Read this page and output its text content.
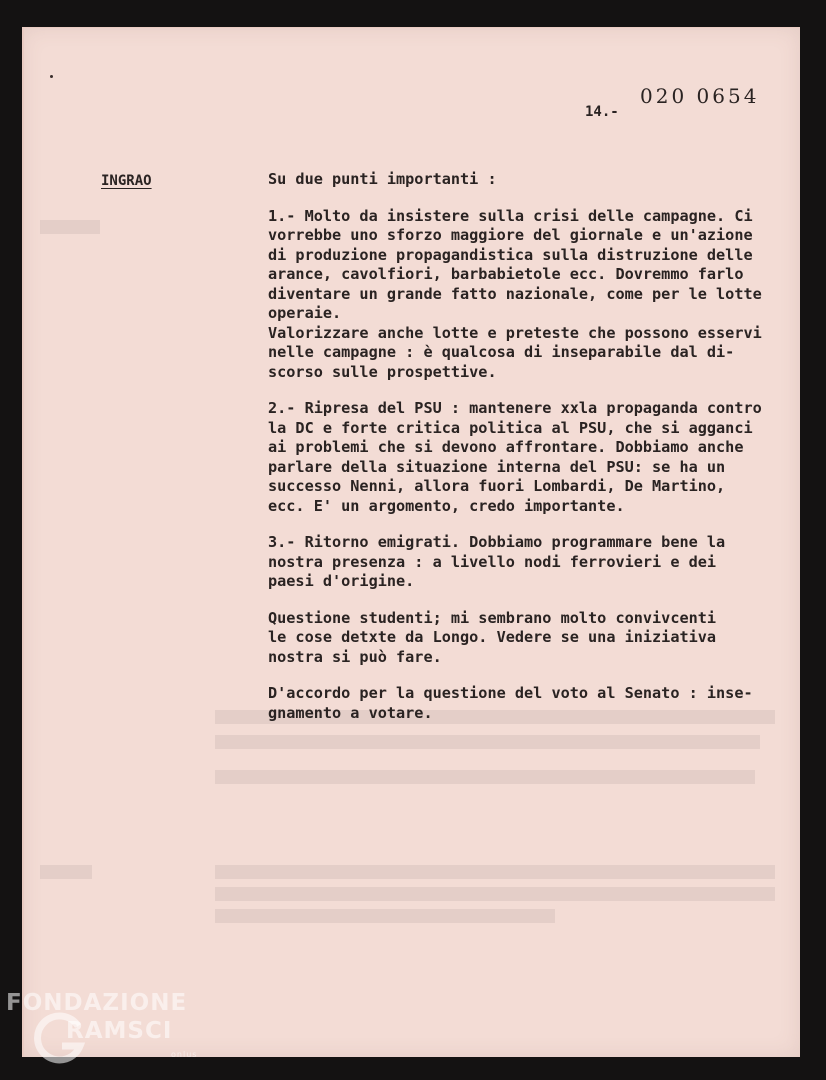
020 0654
14.-
INGRAO	Su due punti importanti :

1.- Molto da insistere sulla crisi delle campagne. Ci

vorrebbe uno sforzo maggiore del giornale e un'azione

di produzione propagandistica sulla distruzione delle

arance, cavolfiori, barbabietole ecc. Dovremmo farlo

diventare un grande fatto nazionale, come per le lotte

operaie.

Valorizzare anche lotte e preteste che possono esservi

nelle campagne : è qualcosa di inseparabile dal di-

scorso sulle prospettive.

2.- Ripresa del PSU : mantenere xxla propaganda contro

la DC e forte critica politica al PSU, che si agganci

ai problemi che si devono affrontare. Dobbiamo anche

parlare della situazione interna del PSU: se ha un

successo Nenni, allora fuori Lombardi, De Martino,

ecc. E' un argomento, credo importante.

3.- Ritorno emigrati. Dobbiamo programmare bene la

nostra presenza : a livello nodi ferrovieri e dei

paesi d'origine.

Questione studenti; mi sembrano molto convivcenti

le cose detxte da Longo. Vedere se una iniziativa

nostra si può fare.

D'accordo per la questione del voto al Senato : inse-

gnamento a votare.

FONDAZIONE
RAMSCI
onlus
